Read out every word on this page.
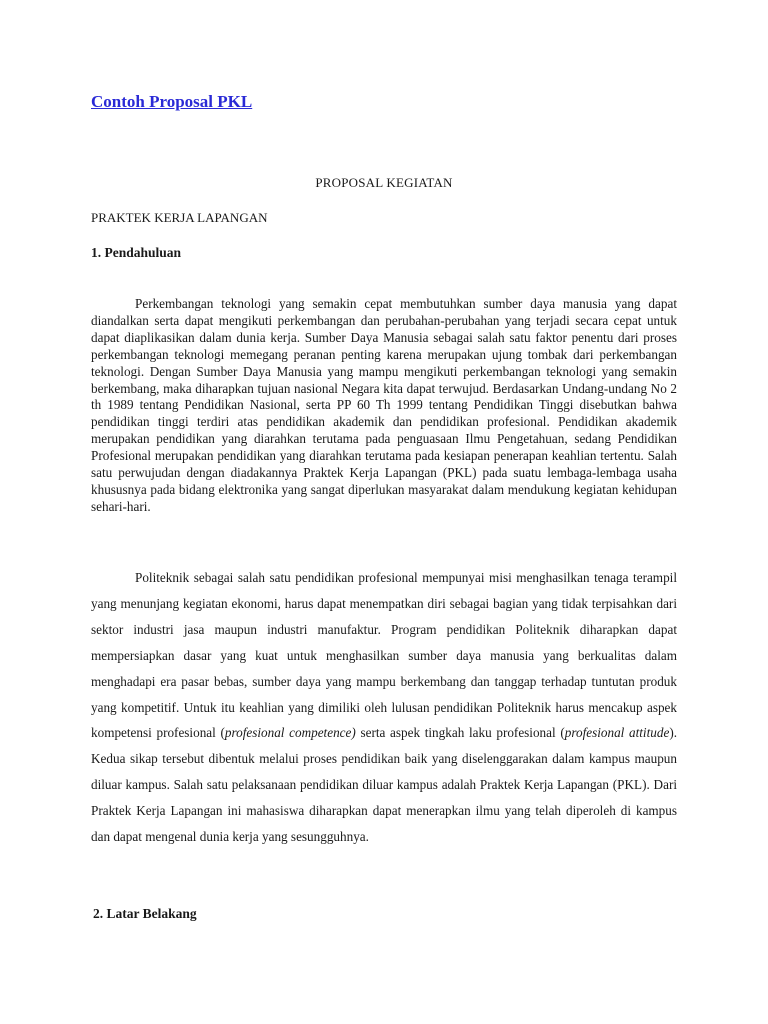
Contoh Proposal PKL
PROPOSAL KEGIATAN
PRAKTEK KERJA LAPANGAN
1. Pendahuluan

Perkembangan teknologi yang semakin cepat membutuhkan sumber daya manusia yang dapat diandalkan serta dapat mengikuti perkembangan dan perubahan-perubahan yang terjadi secara cepat untuk dapat diaplikasikan dalam dunia kerja. Sumber Daya Manusia sebagai salah satu faktor penentu dari proses perkembangan teknologi memegang peranan penting karena merupakan ujung tombak dari perkembangan teknologi. Dengan Sumber Daya Manusia yang mampu mengikuti perkembangan teknologi yang semakin berkembang, maka diharapkan tujuan nasional Negara kita dapat terwujud. Berdasarkan Undang-undang No 2 th 1989 tentang Pendidikan Nasional, serta PP 60 Th 1999 tentang Pendidikan Tinggi disebutkan bahwa pendidikan tinggi terdiri atas pendidikan akademik dan pendidikan profesional. Pendidikan akademik merupakan pendidikan yang diarahkan terutama pada penguasaan Ilmu Pengetahuan, sedang Pendidikan Profesional merupakan pendidikan yang diarahkan terutama pada kesiapan penerapan keahlian tertentu. Salah satu perwujudan dengan diadakannya Praktek Kerja Lapangan (PKL) pada suatu lembaga-lembaga usaha khususnya pada bidang elektronika yang sangat diperlukan masyarakat dalam mendukung kegiatan kehidupan sehari-hari.

Politeknik sebagai salah satu pendidikan profesional mempunyai misi menghasilkan tenaga terampil yang menunjang kegiatan ekonomi, harus dapat menempatkan diri sebagai bagian yang tidak terpisahkan dari sektor industri jasa maupun industri manufaktur. Program pendidikan Politeknik diharapkan dapat mempersiapkan dasar yang kuat untuk menghasilkan sumber daya manusia yang berkualitas dalam menghadapi era pasar bebas, sumber daya yang mampu berkembang dan tanggap terhadap tuntutan produk yang kompetitif. Untuk itu keahlian yang dimiliki oleh lulusan pendidikan Politeknik harus mencakup aspek kompetensi profesional (profesional competence) serta aspek tingkah laku profesional (profesional attitude). Kedua sikap tersebut dibentuk melalui proses pendidikan baik yang diselenggarakan dalam kampus maupun diluar kampus. Salah satu pelaksanaan pendidikan diluar kampus adalah Praktek Kerja Lapangan (PKL). Dari Praktek Kerja Lapangan ini mahasiswa diharapkan dapat menerapkan ilmu yang telah diperoleh di kampus dan dapat mengenal dunia kerja yang sesungguhnya.

2. Latar Belakang
